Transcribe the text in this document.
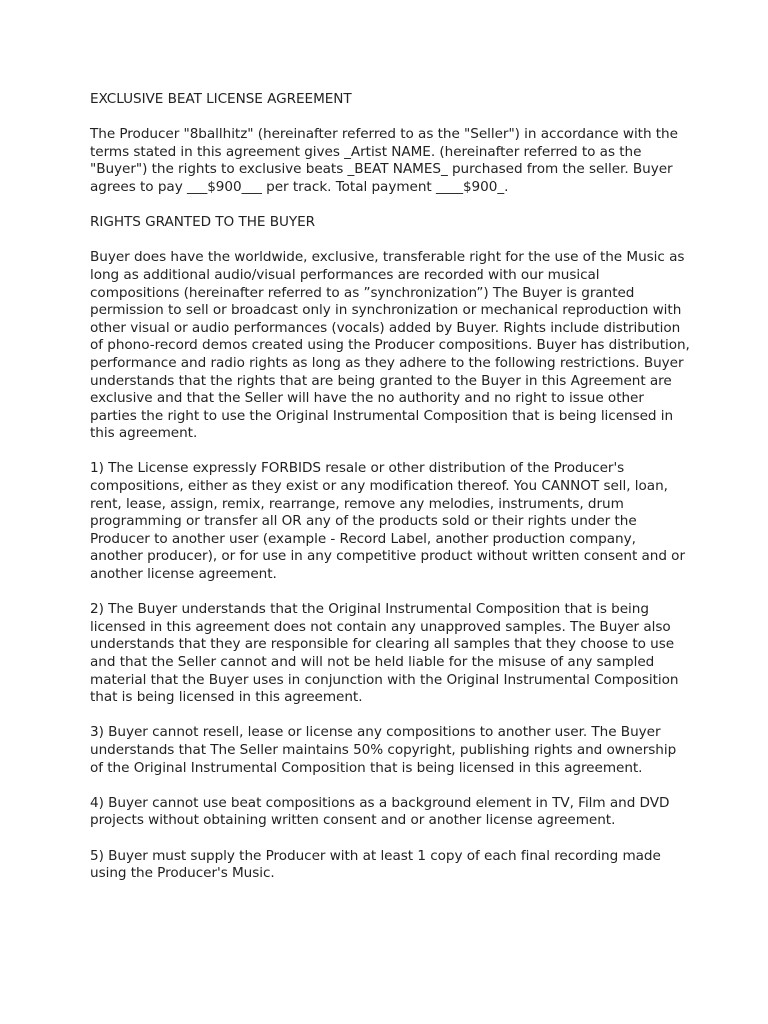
EXCLUSIVE BEAT LICENSE AGREEMENT

The Producer "8ballhitz" (hereinafter referred to as the "Seller") in accordance with the terms stated in this agreement gives _Artist NAME. (hereinafter referred to as the "Buyer") the rights to exclusive beats _BEAT NAMES_ purchased from the seller. Buyer agrees to pay ___$900___ per track. Total payment ____$900_.

RIGHTS GRANTED TO THE BUYER

Buyer does have the worldwide, exclusive, transferable right for the use of the Music as long as additional audio/visual performances are recorded with our musical compositions (hereinafter referred to as ”synchronization”) The Buyer is granted permission to sell or broadcast only in synchronization or mechanical reproduction with other visual or audio performances (vocals) added by Buyer. Rights include distribution of phono-record demos created using the Producer compositions. Buyer has distribution, performance and radio rights as long as they adhere to the following restrictions. Buyer understands that the rights that are being granted to the Buyer in this Agreement are exclusive and that the Seller will have the no authority and no right to issue other parties the right to use the Original Instrumental Composition that is being licensed in this agreement.

1) The License expressly FORBIDS resale or other distribution of the Producer's compositions, either as they exist or any modification thereof. You CANNOT sell, loan, rent, lease, assign, remix, rearrange, remove any melodies, instruments, drum programming or transfer all OR any of the products sold or their rights under the Producer to another user (example - Record Label, another production company, another producer), or for use in any competitive product without written consent and or another license agreement.

2) The Buyer understands that the Original Instrumental Composition that is being licensed in this agreement does not contain any unapproved samples. The Buyer also understands that they are responsible for clearing all samples that they choose to use and that the Seller cannot and will not be held liable for the misuse of any sampled material that the Buyer uses in conjunction with the Original Instrumental Composition that is being licensed in this agreement.

3) Buyer cannot resell, lease or license any compositions to another user. The Buyer understands that The Seller maintains 50% copyright, publishing rights and ownership of the Original Instrumental Composition that is being licensed in this agreement.

4) Buyer cannot use beat compositions as a background element in TV, Film and DVD projects without obtaining written consent and or another license agreement.

5) Buyer must supply the Producer with at least 1 copy of each final recording made using the Producer's Music.
